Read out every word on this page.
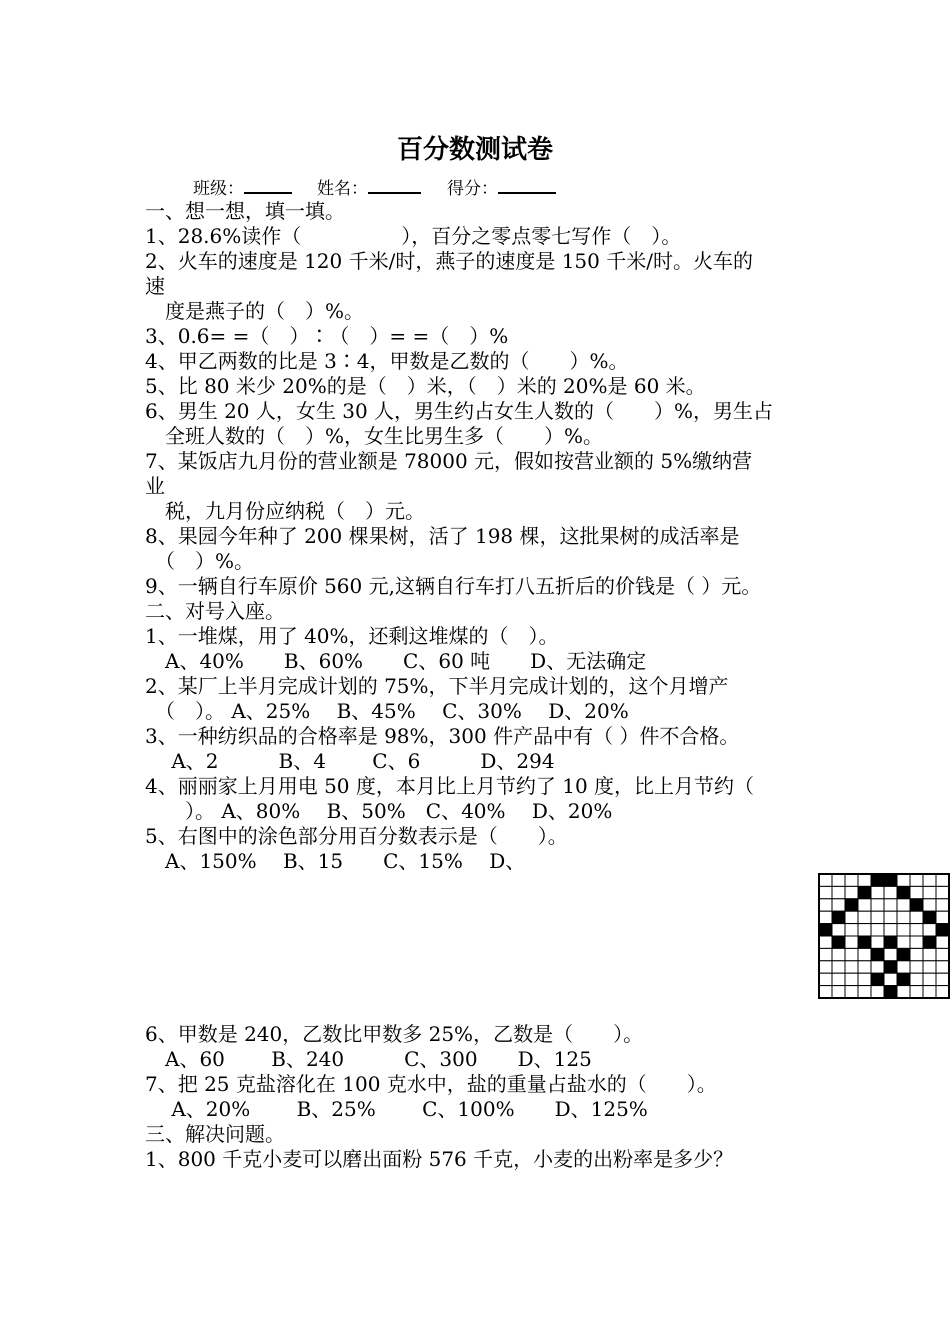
百分数测试卷
班级：	姓名：	得分：
一、想一想，填一填。
1、28.6%读作（　　　　　），百分之零点零七写作（　）。
2、火车的速度是 120 千米/时，燕子的速度是 150 千米/时。火车的
速
　度是燕子的（　）%。
3、0.6= =（　）∶（　）= =（　）%
4、甲乙两数的比是 3∶4，甲数是乙数的（　　）%。
5、比 80 米少 20%的是（　）米，（　）米的 20%是 60 米。
6、男生 20 人，女生 30 人，男生约占女生人数的（　　）%，男生占
　全班人数的（　）%，女生比男生多（　　）%。
7、某饭店九月份的营业额是 78000 元，假如按营业额的 5%缴纳营
业
　税，九月份应纳税（　）元。
8、果园今年种了 200 棵果树，活了 198 棵，这批果树的成活率是
　（　）%。
9、一辆自行车原价 560 元,这辆自行车打八五折后的价钱是（ ）元。
二、对号入座。
1、一堆煤，用了 40%，还剩这堆煤的（　）。
　A、40%　　B、60%　　C、60 吨　　D、无法确定
2、某厂上半月完成计划的 75%，下半月完成计划的，这个月增产
　（　）。 A、25%　 B、45%　 C、30%　 D、20%
3、一种纺织品的合格率是 98%，300 件产品中有（ ）件不合格。
　 A、2　　　B、4　　 C、6　　　D、294
4、丽丽家上月用电 50 度，本月比上月节约了 10 度，比上月节约（
　　）。 A、80%　 B、50%　C、40%　 D、20%
5、右图中的涂色部分用百分数表示是（　　）。
　A、150%　 B、15　　C、15%　 D、
6、甲数是 240，乙数比甲数多 25%，乙数是（　　）。
　A、60　　 B、240　　　C、300　　D、125
7、把 25 克盐溶化在 100 克水中，盐的重量占盐水的（　　）。
　 A、20%　　 B、25%　　 C、100%　　D、125%
三、解决问题。
1、800 千克小麦可以磨出面粉 576 千克，小麦的出粉率是多少？
